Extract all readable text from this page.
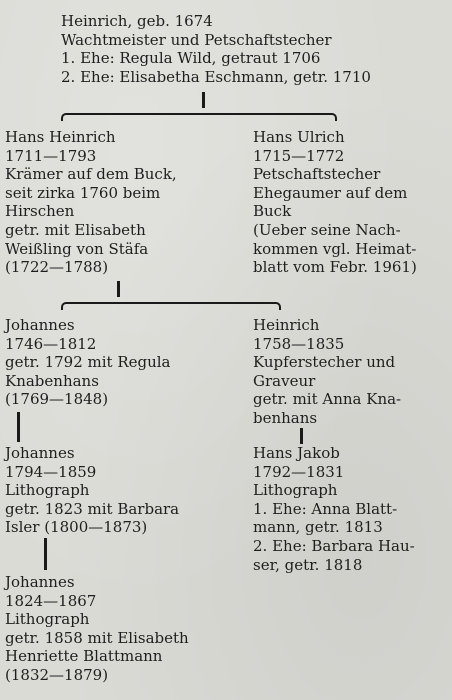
Heinrich, geb. 1674
Wachtmeister und Petschaftstecher
1. Ehe: Regula Wild, getraut 1706
2. Ehe: Elisabetha Eschmann, getr. 1710
Hans Heinrich
1711—1793
Krämer auf dem Buck,
seit zirka 1760 beim
Hirschen
getr. mit Elisabeth
Weißling von Stäfa
(1722—1788)
Hans Ulrich
1715—1772
Petschaftstecher
Ehegaumer auf dem
Buck
(Ueber seine Nach-
kommen vgl. Heimat-
blatt vom Febr. 1961)
Johannes
1746—1812
getr. 1792 mit Regula
Knabenhans
(1769—1848)
Heinrich
1758—1835
Kupferstecher und
Graveur
getr. mit Anna Kna-
benhans
Johannes
1794—1859
Lithograph
getr. 1823 mit Barbara
Isler (1800—1873)
Hans Jakob
1792—1831
Lithograph
1. Ehe: Anna Blatt-
mann, getr. 1813
2. Ehe: Barbara Hau-
ser, getr. 1818
Johannes
1824—1867
Lithograph
getr. 1858 mit Elisabeth
Henriette Blattmann
(1832—1879)
